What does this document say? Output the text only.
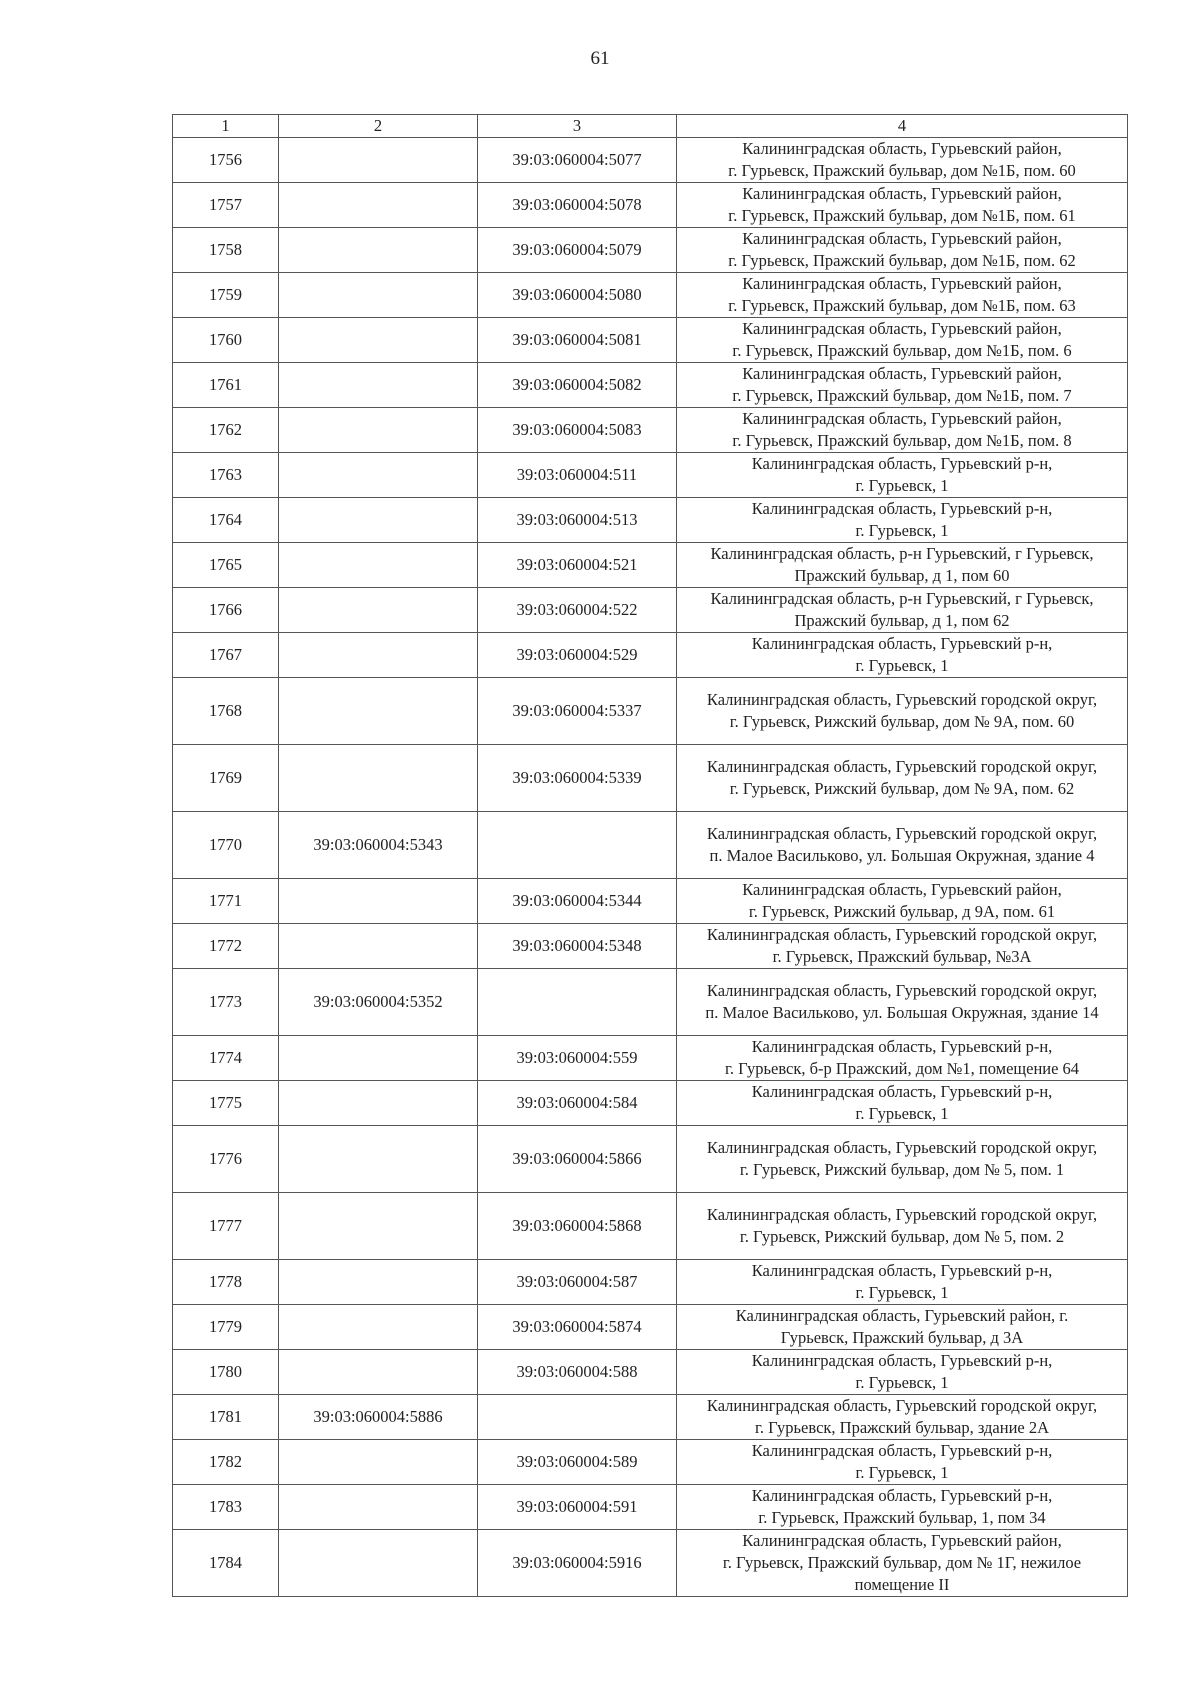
61
1	2	3	4
1756		39:03:060004:5077	Калининградская область, Гурьевский район,
г. Гурьевск, Пражский бульвар, дом №1Б, пом. 60

1757		39:03:060004:5078	Калининградская область, Гурьевский район,
г. Гурьевск, Пражский бульвар, дом №1Б, пом. 61

1758		39:03:060004:5079	Калининградская область, Гурьевский район,
г. Гурьевск, Пражский бульвар, дом №1Б, пом. 62

1759		39:03:060004:5080	Калининградская область, Гурьевский район,
г. Гурьевск, Пражский бульвар, дом №1Б, пом. 63

1760		39:03:060004:5081	Калининградская область, Гурьевский район,
г. Гурьевск, Пражский бульвар, дом №1Б, пом. 6

1761		39:03:060004:5082	Калининградская область, Гурьевский район,
г. Гурьевск, Пражский бульвар, дом №1Б, пом. 7

1762		39:03:060004:5083	Калининградская область, Гурьевский район,
г. Гурьевск, Пражский бульвар, дом №1Б, пом. 8

1763		39:03:060004:511	Калининградская область, Гурьевский р-н,
г. Гурьевск, 1

1764		39:03:060004:513	Калининградская область, Гурьевский р-н,
г. Гурьевск, 1

1765		39:03:060004:521	Калининградская область, р-н Гурьевский, г Гурьевск,
Пражский бульвар, д 1, пом 60

1766		39:03:060004:522	Калининградская область, р-н Гурьевский, г Гурьевск,
Пражский бульвар, д 1, пом 62

1767		39:03:060004:529	Калининградская область, Гурьевский р-н,
г. Гурьевск, 1

1768		39:03:060004:5337	Калининградская область, Гурьевский городской округ,
г. Гурьевск, Рижский бульвар, дом № 9А, пом. 60

1769		39:03:060004:5339	Калининградская область, Гурьевский городской округ,
г. Гурьевск, Рижский бульвар, дом № 9А, пом. 62

1770	39:03:060004:5343		Калининградская область, Гурьевский городской округ,
п. Малое Васильково, ул. Большая Окружная, здание 4

1771		39:03:060004:5344	Калининградская область, Гурьевский район,
г. Гурьевск, Рижский бульвар, д 9А, пом. 61

1772		39:03:060004:5348	Калининградская область, Гурьевский городской округ,
г. Гурьевск, Пражский бульвар, №3А

1773	39:03:060004:5352		Калининградская область, Гурьевский городской округ,
п. Малое Васильково, ул. Большая Окружная, здание 14

1774		39:03:060004:559	Калининградская область, Гурьевский р-н,
г. Гурьевск, б-р Пражский, дом №1, помещение 64

1775		39:03:060004:584	Калининградская область, Гурьевский р-н,
г. Гурьевск, 1

1776		39:03:060004:5866	Калининградская область, Гурьевский городской округ,
г. Гурьевск, Рижский бульвар, дом № 5, пом. 1

1777		39:03:060004:5868	Калининградская область, Гурьевский городской округ,
г. Гурьевск, Рижский бульвар, дом № 5, пом. 2

1778		39:03:060004:587	Калининградская область, Гурьевский р-н,
г. Гурьевск, 1

1779		39:03:060004:5874	Калининградская область, Гурьевский район, г.
Гурьевск, Пражский бульвар, д 3А

1780		39:03:060004:588	Калининградская область, Гурьевский р-н,
г. Гурьевск, 1

1781	39:03:060004:5886		Калининградская область, Гурьевский городской округ,
г. Гурьевск, Пражский бульвар, здание 2А

1782		39:03:060004:589	Калининградская область, Гурьевский р-н,
г. Гурьевск, 1

1783		39:03:060004:591	Калининградская область, Гурьевский р-н,
г. Гурьевск, Пражский бульвар, 1, пом 34

1784		39:03:060004:5916	Калининградская область, Гурьевский район,
г. Гурьевск, Пражский бульвар, дом № 1Г, нежилое
помещение II
